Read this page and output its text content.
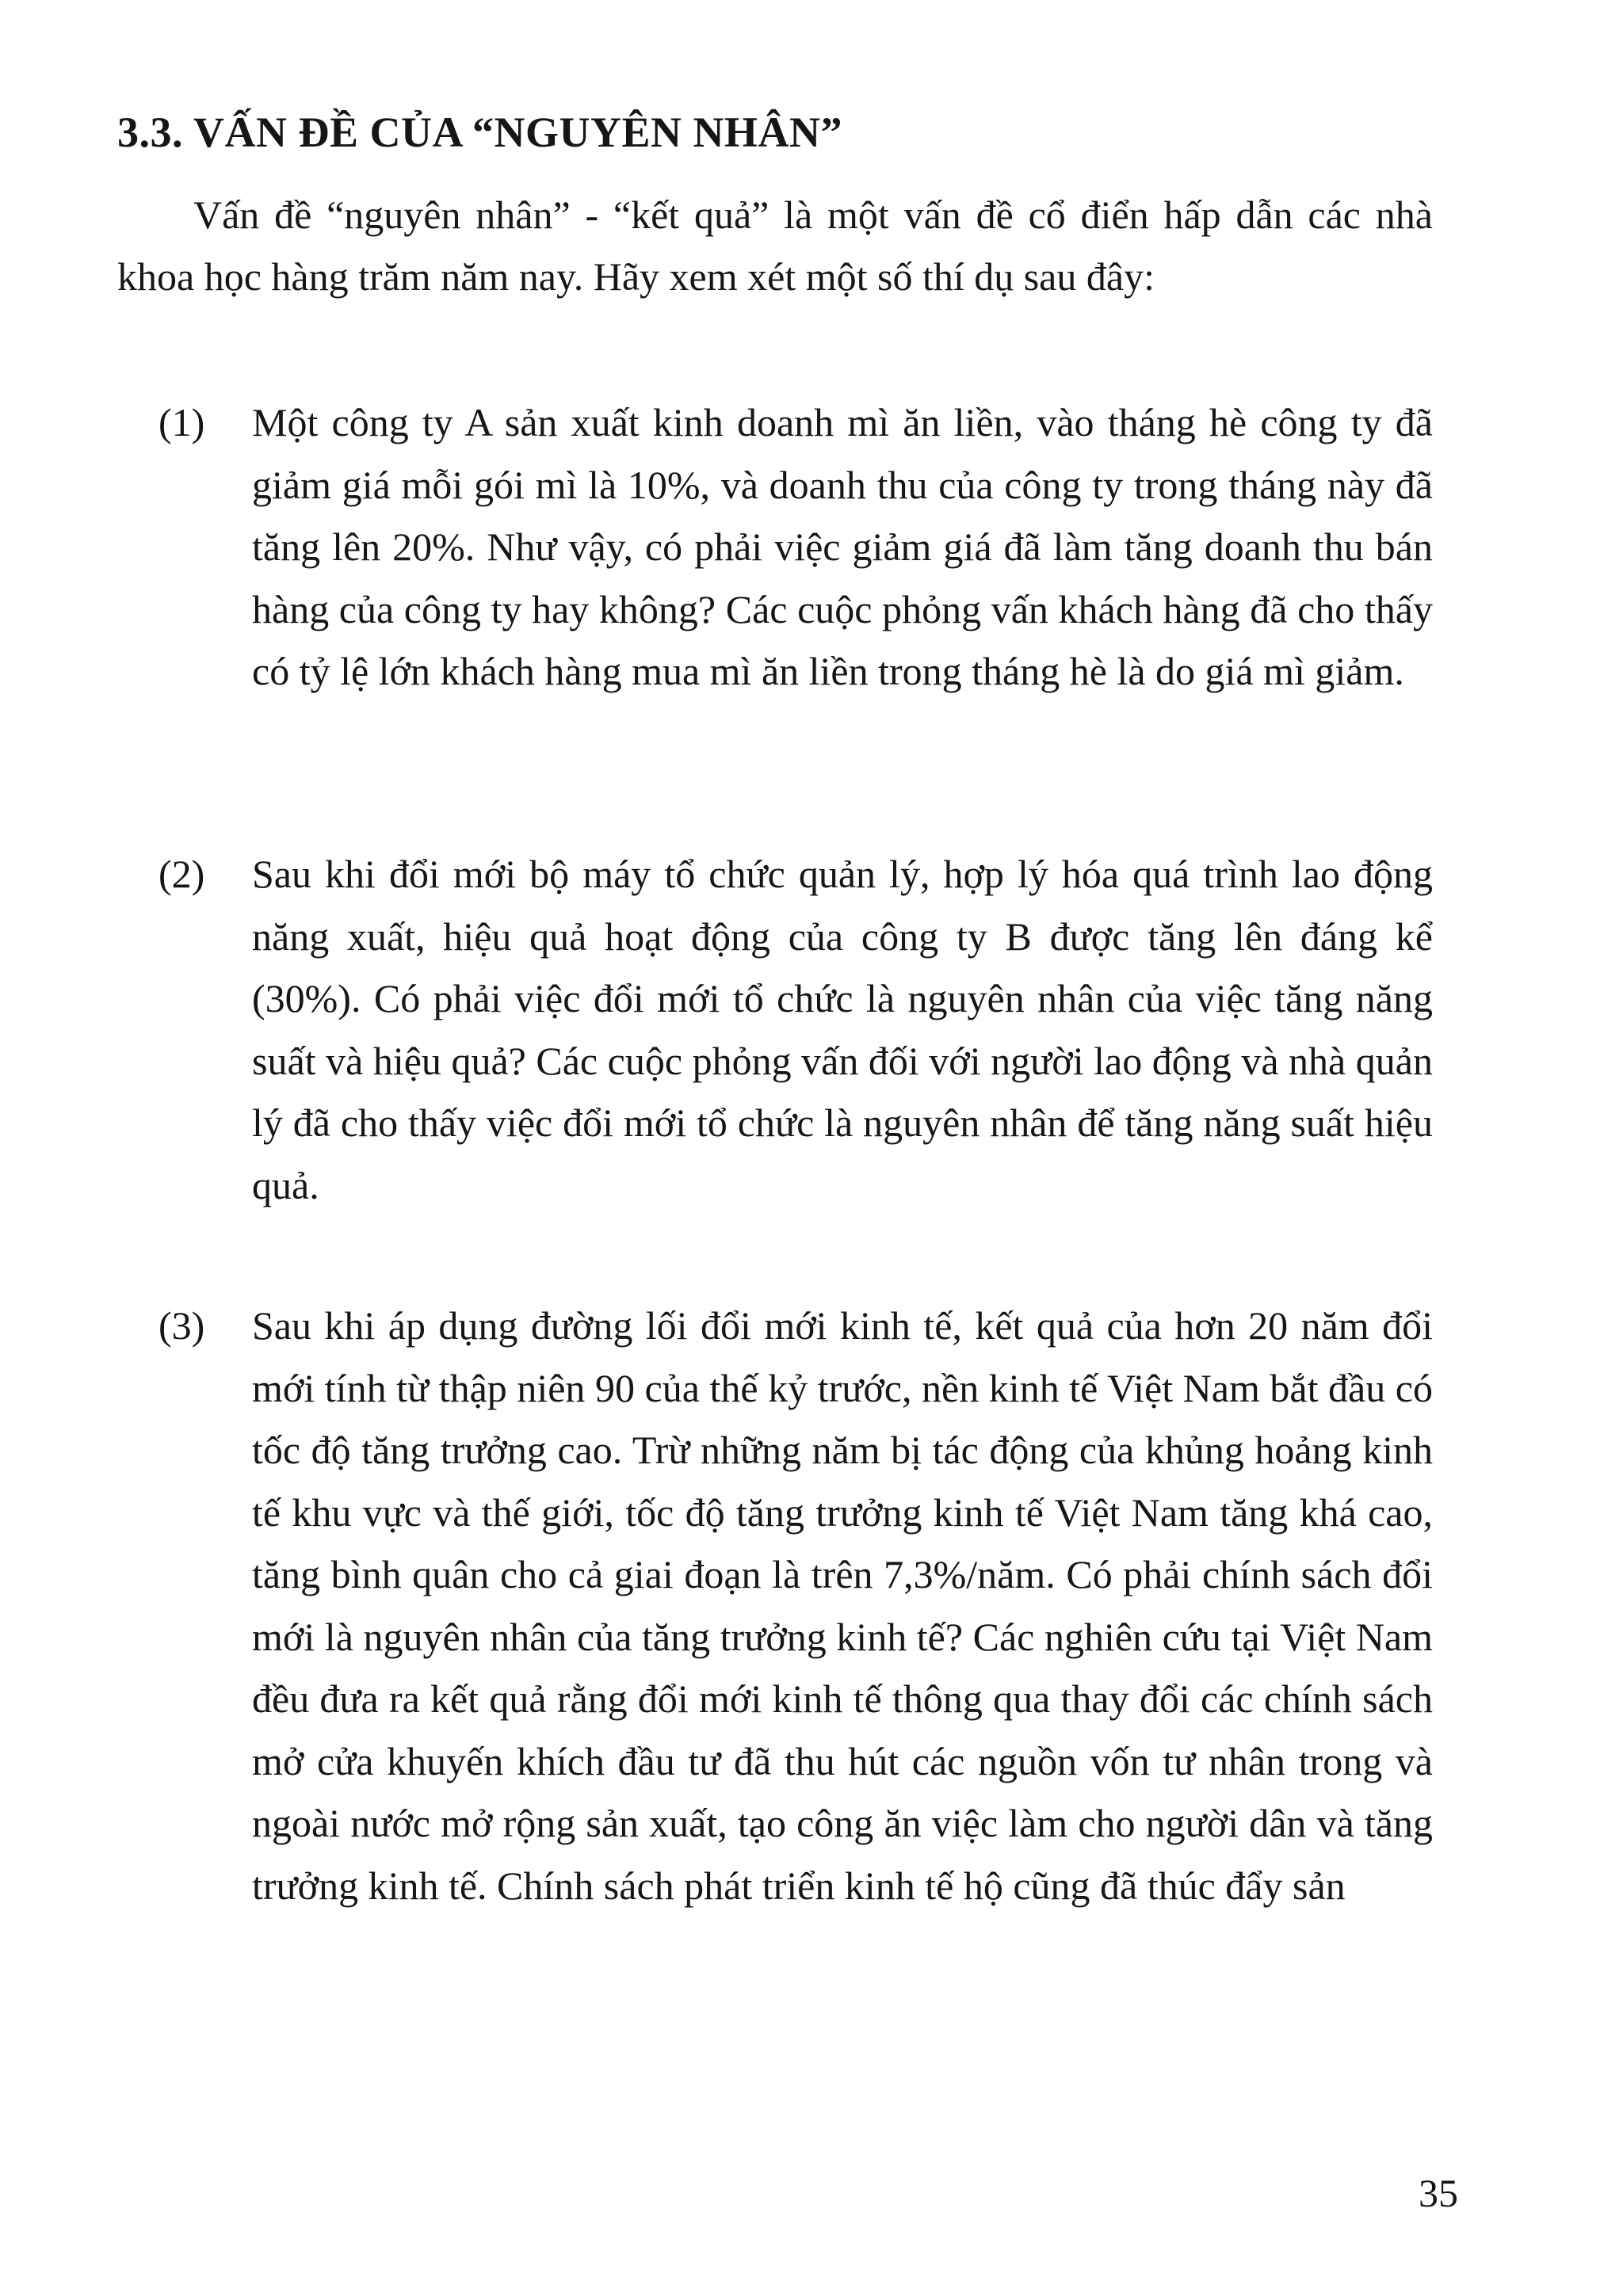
3.3. VẤN ĐỀ CỦA “NGUYÊN NHÂN”

Vấn đề “nguyên nhân” - “kết quả” là một vấn đề cổ điển hấp dẫn các nhà khoa học hàng trăm năm nay. Hãy xem xét một số thí dụ sau đây:

(1)	Một công ty A sản xuất kinh doanh mì ăn liền, vào tháng hè công ty đã giảm giá mỗi gói mì là 10%, và doanh thu của công ty trong tháng này đã tăng lên 20%. Như vậy, có phải việc giảm giá đã làm tăng doanh thu bán hàng của công ty hay không? Các cuộc phỏng vấn khách hàng đã cho thấy có tỷ lệ lớn khách hàng mua mì ăn liền trong tháng hè là do giá mì giảm.

(2)	Sau khi đổi mới bộ máy tổ chức quản lý, hợp lý hóa quá trình lao động năng xuất, hiệu quả hoạt động của công ty B được tăng lên đáng kể (30%). Có phải việc đổi mới tổ chức là nguyên nhân của việc tăng năng suất và hiệu quả? Các cuộc phỏng vấn đối với người lao động và nhà quản lý đã cho thấy việc đổi mới tổ chức là nguyên nhân để tăng năng suất hiệu quả.

(3)	Sau khi áp dụng đường lối đổi mới kinh tế, kết quả của hơn 20 năm đổi mới tính từ thập niên 90 của thế kỷ trước, nền kinh tế Việt Nam bắt đầu có tốc độ tăng trưởng cao. Trừ những năm bị tác động của khủng hoảng kinh tế khu vực và thế giới, tốc độ tăng trưởng kinh tế Việt Nam tăng khá cao, tăng bình quân cho cả giai đoạn là trên 7,3%/năm. Có phải chính sách đổi mới là nguyên nhân của tăng trưởng kinh tế? Các nghiên cứu tại Việt Nam đều đưa ra kết quả rằng đổi mới kinh tế thông qua thay đổi các chính sách mở cửa khuyến khích đầu tư đã thu hút các nguồn vốn tư nhân trong và ngoài nước mở rộng sản xuất, tạo công ăn việc làm cho người dân và tăng trưởng kinh tế. Chính sách phát triển kinh tế hộ cũng đã thúc đẩy sản

35
